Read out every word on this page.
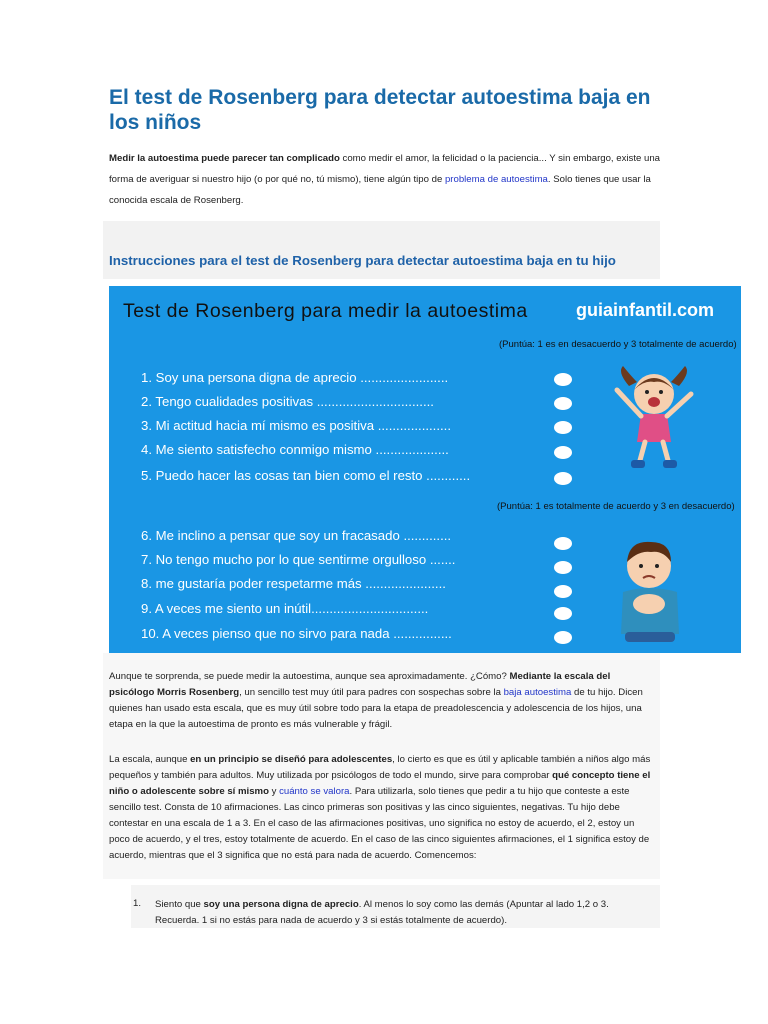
El test de Rosenberg para detectar autoestima baja en los niños

Medir la autoestima puede parecer tan complicado como medir el amor, la felicidad o la paciencia... Y sin embargo, existe una forma de averiguar si nuestro hijo (o por qué no, tú mismo), tiene algún tipo de problema de autoestima. Solo tienes que usar la conocida escala de Rosenberg.

Instrucciones para el test de Rosenberg para detectar autoestima baja en tu hijo
Test de Rosenberg para medir la autoestima	guiainfantil.com
(Puntúa: 1 es en desacuerdo y 3 totalmente de acuerdo)
1. Soy una persona digna de aprecio ........................
2. Tengo cualidades positivas ................................
3. Mi actitud hacia mí mismo es positiva ....................
4. Me siento satisfecho conmigo mismo ....................
5. Puedo hacer las cosas tan bien como el resto ............
(Puntúa: 1 es totalmente de acuerdo y 3 en desacuerdo)
6. Me inclino a pensar que soy un fracasado .............
7. No tengo mucho por lo que sentirme orgulloso .......
8. me gustaría poder respetarme más ......................
9. A veces me siento un inútil................................
10. A veces pienso que no sirvo para nada ................

Aunque te sorprenda, se puede medir la autoestima, aunque sea aproximadamente. ¿Cómo? Mediante la escala del psicólogo Morris Rosenberg, un sencillo test muy útil para padres con sospechas sobre la baja autoestima de tu hijo. Dicen quienes han usado esta escala, que es muy útil sobre todo para la etapa de preadolescencia y adolescencia de los hijos, una etapa en la que la autoestima de pronto es más vulnerable y frágil.

La escala, aunque en un principio se diseñó para adolescentes, lo cierto es que es útil y aplicable también a niños algo más pequeños y también para adultos. Muy utilizada por psicólogos de todo el mundo, sirve para comprobar qué concepto tiene el niño o adolescente sobre sí mismo y cuánto se valora. Para utilizarla, solo tienes que pedir a tu hijo que conteste a este sencillo test. Consta de 10 afirmaciones. Las cinco primeras son positivas y las cinco siguientes, negativas. Tu hijo debe contestar en una escala de 1 a 3. En el caso de las afirmaciones positivas, uno significa no estoy de acuerdo, el 2, estoy un poco de acuerdo, y el tres, estoy totalmente de acuerdo. En el caso de las cinco siguientes afirmaciones, el 1 significa estoy de acuerdo, mientras que el 3 significa que no está para nada de acuerdo. Comencemos:

1. Siento que soy una persona digna de aprecio. Al menos lo soy como las demás (Apuntar al lado 1,2 o 3. Recuerda. 1 si no estás para nada de acuerdo y 3 si estás totalmente de acuerdo).
